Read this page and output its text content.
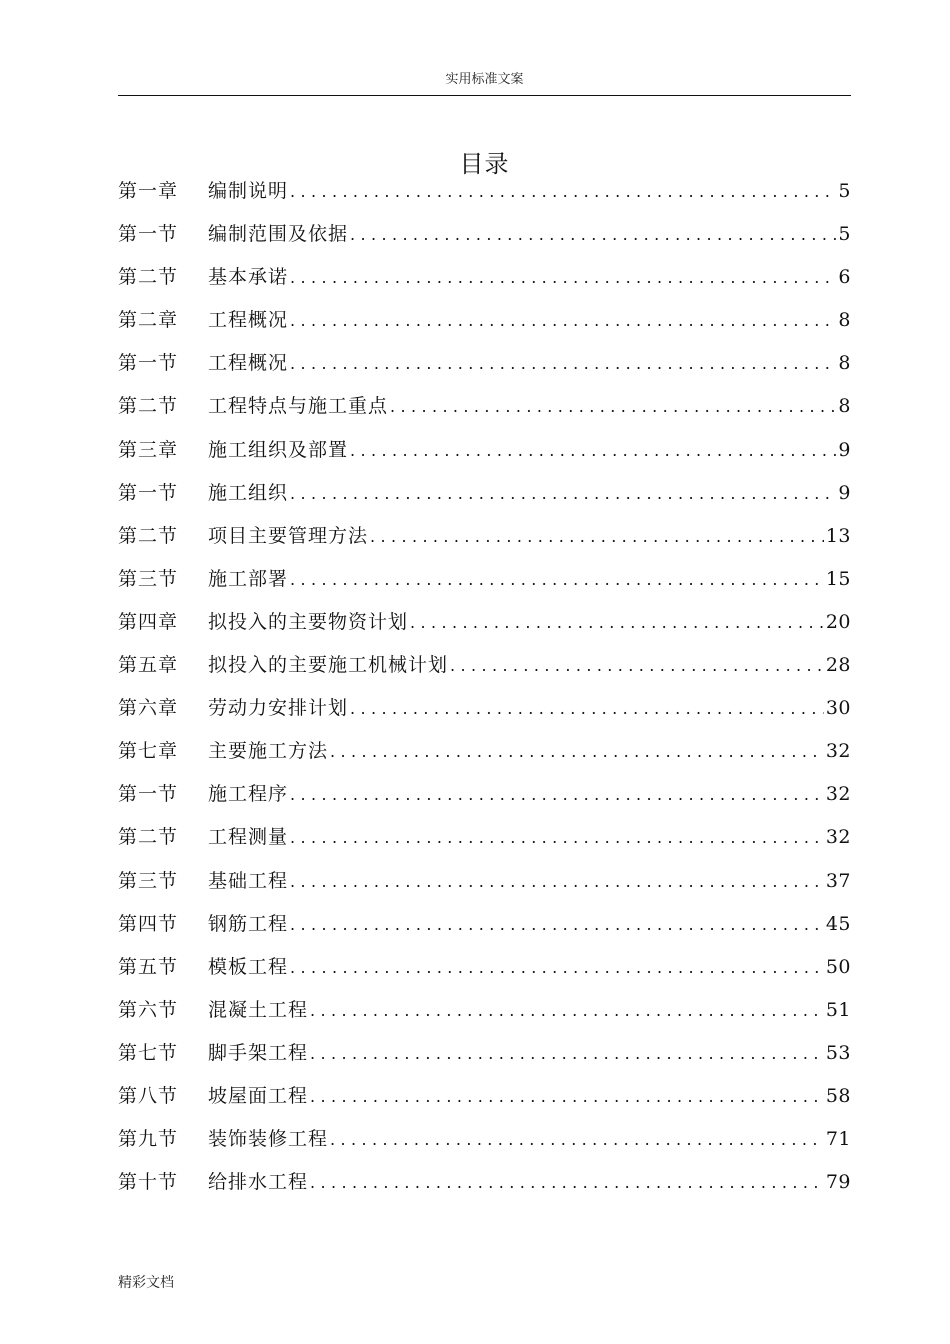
实用标准文案
目录
第一章	编制说明 .....	5
第一节	编制范围及依据 .....	5
第二节	基本承诺 .....	6
第二章	工程概况 .....	8
第一节	工程概况 .....	8
第二节	工程特点与施工重点 .....	8
第三章	施工组织及部置 .....	9
第一节	施工组织 .....	9
第二节	项目主要管理方法 .....	13
第三节	施工部署 .....	15
第四章	拟投入的主要物资计划 .....	20
第五章	拟投入的主要施工机械计划 .....	28
第六章	劳动力安排计划 .....	30
第七章	主要施工方法 .....	32
第一节	施工程序 .....	32
第二节	工程测量 .....	32
第三节	基础工程 .....	37
第四节	钢筋工程 .....	45
第五节	模板工程 .....	50
第六节	混凝土工程 .....	51
第七节	脚手架工程 .....	53
第八节	坡屋面工程 .....	58
第九节	装饰装修工程 .....	71
第十节	给排水工程 .....	79
精彩文档
